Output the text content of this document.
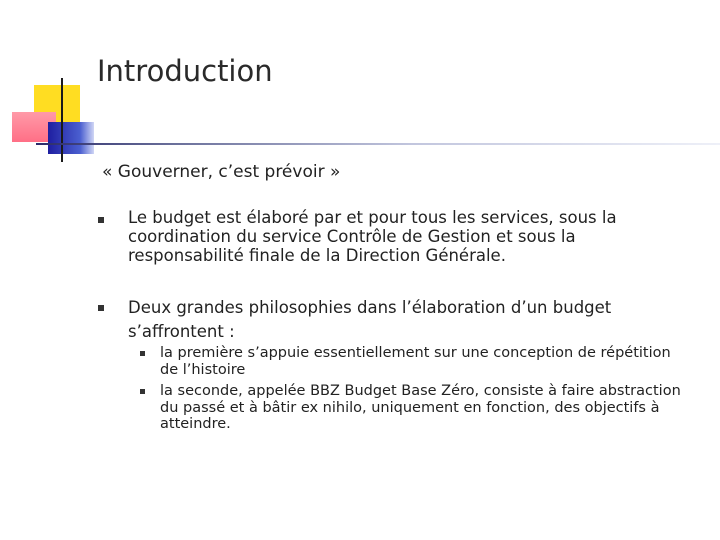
Introduction
« Gouverner, c’est prévoir »
Le budget est élaboré par et pour tous les services, sous la coordination du service Contrôle de Gestion et sous la responsabilité finale de la Direction Générale.
Deux grandes philosophies dans l’élaboration d’un budget s’affrontent :
la première s’appuie essentiellement sur une conception de répétition de l’histoire
la seconde, appelée BBZ Budget Base Zéro, consiste à faire abstraction du passé et à bâtir ex nihilo, uniquement en fonction, des objectifs à atteindre.
